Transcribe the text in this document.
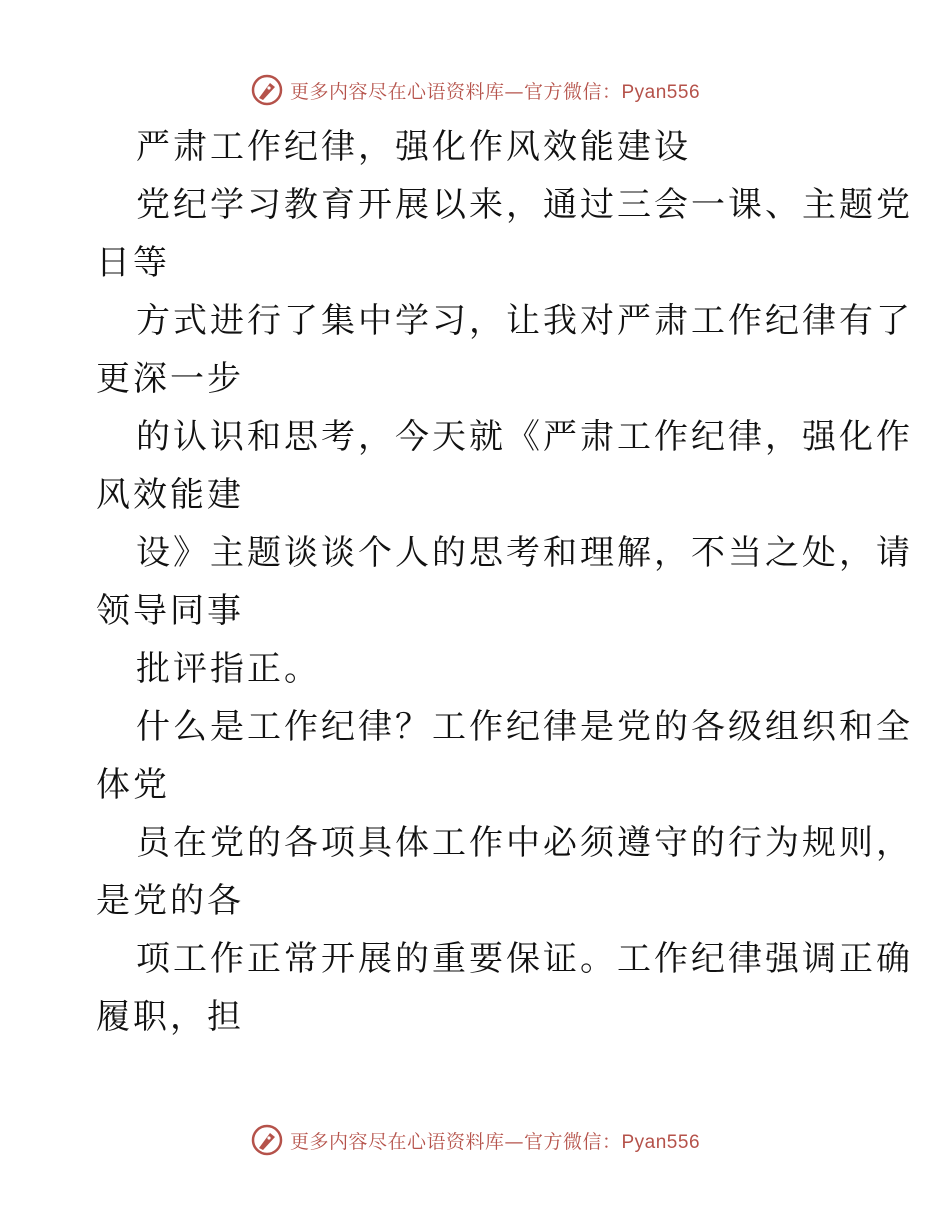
更多内容尽在心语资料库—官方微信：Pyan556
严肃工作纪律，强化作风效能建设
党纪学习教育开展以来，通过三会一课、主题党
日等
方式进行了集中学习，让我对严肃工作纪律有了
更深一步
的认识和思考，今天就《严肃工作纪律，强化作
风效能建
设》主题谈谈个人的思考和理解，不当之处，请
领导同事
批评指正。
什么是工作纪律？工作纪律是党的各级组织和全
体党
员在党的各项具体工作中必须遵守的行为规则，
是党的各
项工作正常开展的重要保证。工作纪律强调正确
履职，担
更多内容尽在心语资料库—官方微信：Pyan556
